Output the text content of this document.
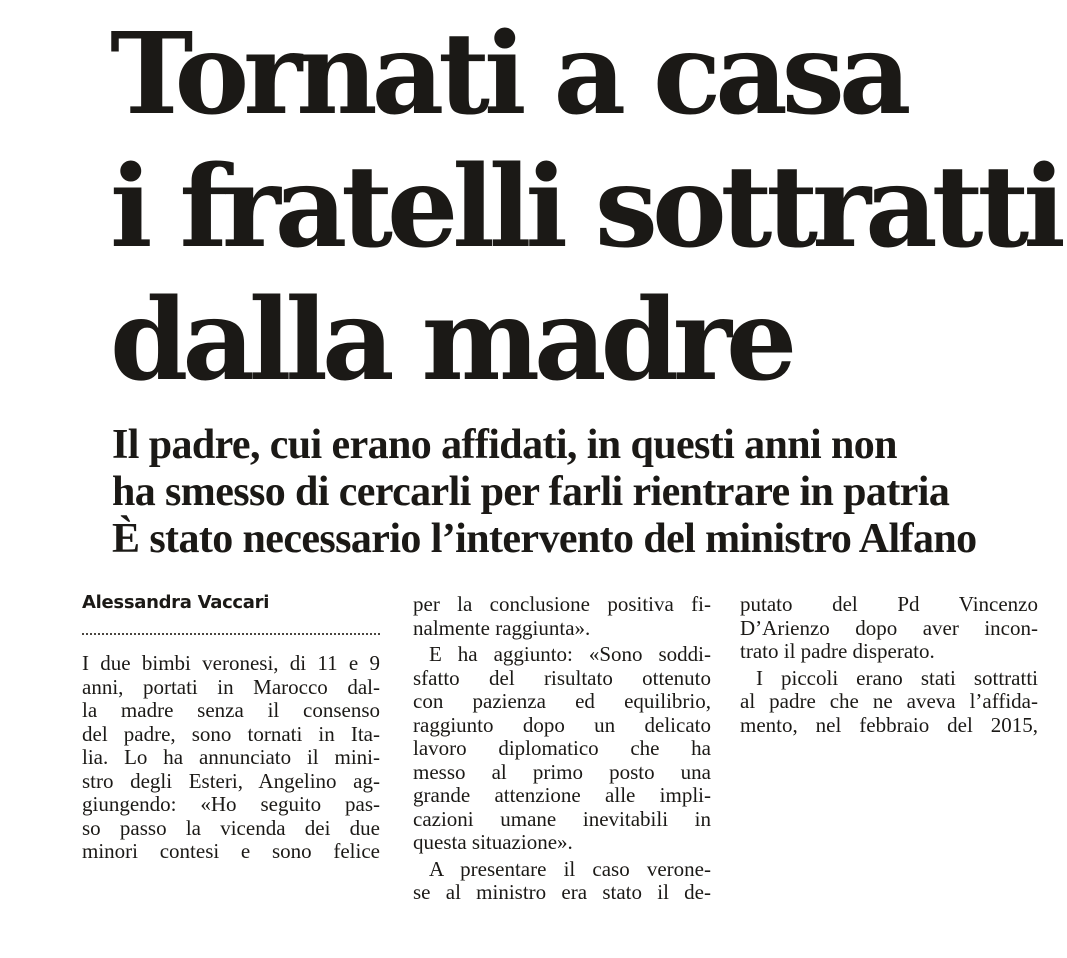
Tornati a casa
i fratelli sottratti
dalla madre
Il padre, cui erano affidati, in questi anni non
ha smesso di cercarli per farli rientrare in patria
È stato necessario l’intervento del ministro Alfano
Alessandra Vaccari

I due bimbi veronesi, di 11 e 9
anni, portati in Marocco dal-
la madre senza il consenso
del padre, sono tornati in Ita-
lia. Lo ha annunciato il mini-
stro degli Esteri, Angelino ag-
giungendo: «Ho seguito pas-
so passo la vicenda dei due
minori contesi e sono felice

per la conclusione positiva fi-
nalmente raggiunta».

E ha aggiunto: «Sono soddi-
sfatto del risultato ottenuto
con pazienza ed equilibrio,
raggiunto dopo un delicato
lavoro diplomatico che ha
messo al primo posto una
grande attenzione alle impli-
cazioni umane inevitabili in
questa situazione».

A presentare il caso verone-
se al ministro era stato il de-

putato del Pd Vincenzo
D’Arienzo dopo aver incon-
trato il padre disperato.

I piccoli erano stati sottratti
al padre che ne aveva l’affida-
mento, nel febbraio del 2015,
